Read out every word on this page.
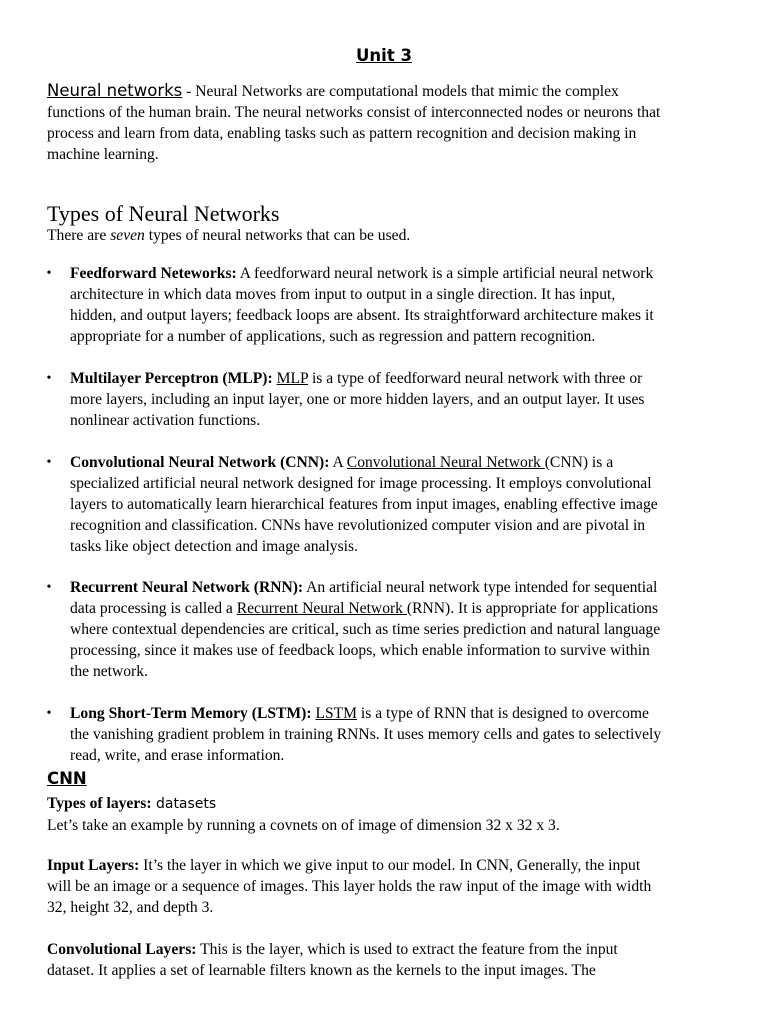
Unit 3
Neural networks - Neural Networks are computational models that mimic the complex
functions of the human brain. The neural networks consist of interconnected nodes or neurons that
process and learn from data, enabling tasks such as pattern recognition and decision making in
machine learning.
Types of Neural Networks
There are seven types of neural networks that can be used.
• Feedforward Neteworks: A feedforward neural network is a simple artificial neural network
architecture in which data moves from input to output in a single direction. It has input,
hidden, and output layers; feedback loops are absent. Its straightforward architecture makes it
appropriate for a number of applications, such as regression and pattern recognition.
• Multilayer Perceptron (MLP): MLP is a type of feedforward neural network with three or
more layers, including an input layer, one or more hidden layers, and an output layer. It uses
nonlinear activation functions.
• Convolutional Neural Network (CNN): A Convolutional Neural Network (CNN) is a
specialized artificial neural network designed for image processing. It employs convolutional
layers to automatically learn hierarchical features from input images, enabling effective image
recognition and classification. CNNs have revolutionized computer vision and are pivotal in
tasks like object detection and image analysis.
• Recurrent Neural Network (RNN): An artificial neural network type intended for sequential
data processing is called a Recurrent Neural Network (RNN). It is appropriate for applications
where contextual dependencies are critical, such as time series prediction and natural language
processing, since it makes use of feedback loops, which enable information to survive within
the network.
• Long Short-Term Memory (LSTM): LSTM is a type of RNN that is designed to overcome
the vanishing gradient problem in training RNNs. It uses memory cells and gates to selectively
read, write, and erase information.
CNN
Types of layers: datasets
Let’s take an example by running a covnets on of image of dimension 32 x 32 x 3.
Input Layers: It’s the layer in which we give input to our model. In CNN, Generally, the input
will be an image or a sequence of images. This layer holds the raw input of the image with width
32, height 32, and depth 3.
Convolutional Layers: This is the layer, which is used to extract the feature from the input
dataset. It applies a set of learnable filters known as the kernels to the input images. The
